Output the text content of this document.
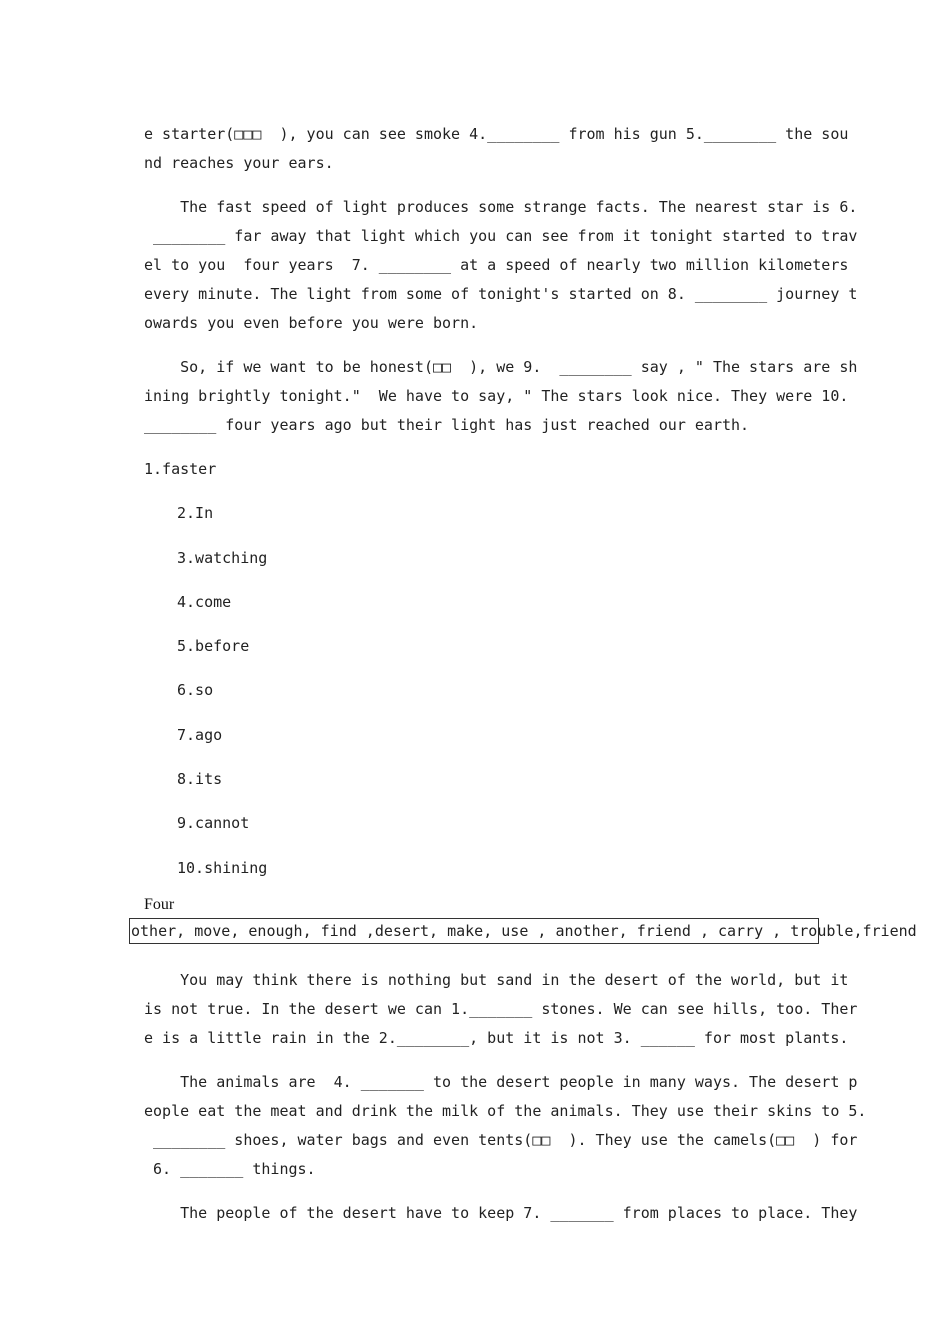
e starter(□□□  ), you can see smoke 4.________ from his gun 5.________ the sou
nd reaches your ears.
The fast speed of light produces some strange facts. The nearest star is 6.
________ far away that light which you can see from it tonight started to trav
el to you  four years  7. ________ at a speed of nearly two million kilometers
every minute. The light from some of tonight's started on 8. ________ journey t
owards you even before you were born.
So, if we want to be honest(□□  ), we 9.  ________ say , " The stars are sh
ining brightly tonight."  We have to say, " The stars look nice. They were 10.
________ four years ago but their light has just reached our earth.
1.faster
2.In
3.watching
4.come
5.before
6.so
7.ago
8.its
9.cannot
10.shining
Four
other, move, enough, find ,desert, make, use , another, friend , carry , trouble,friend
You may think there is nothing but sand in the desert of the world, but it
is not true. In the desert we can 1._______ stones. We can see hills, too. Ther
e is a little rain in the 2.________, but it is not 3. ______ for most plants.
The animals are  4. _______ to the desert people in many ways. The desert p
eople eat the meat and drink the milk of the animals. They use their skins to 5.
________ shoes, water bags and even tents(□□  ). They use the camels(□□  ) for
6. _______ things.
The people of the desert have to keep 7. _______ from places to place. They
